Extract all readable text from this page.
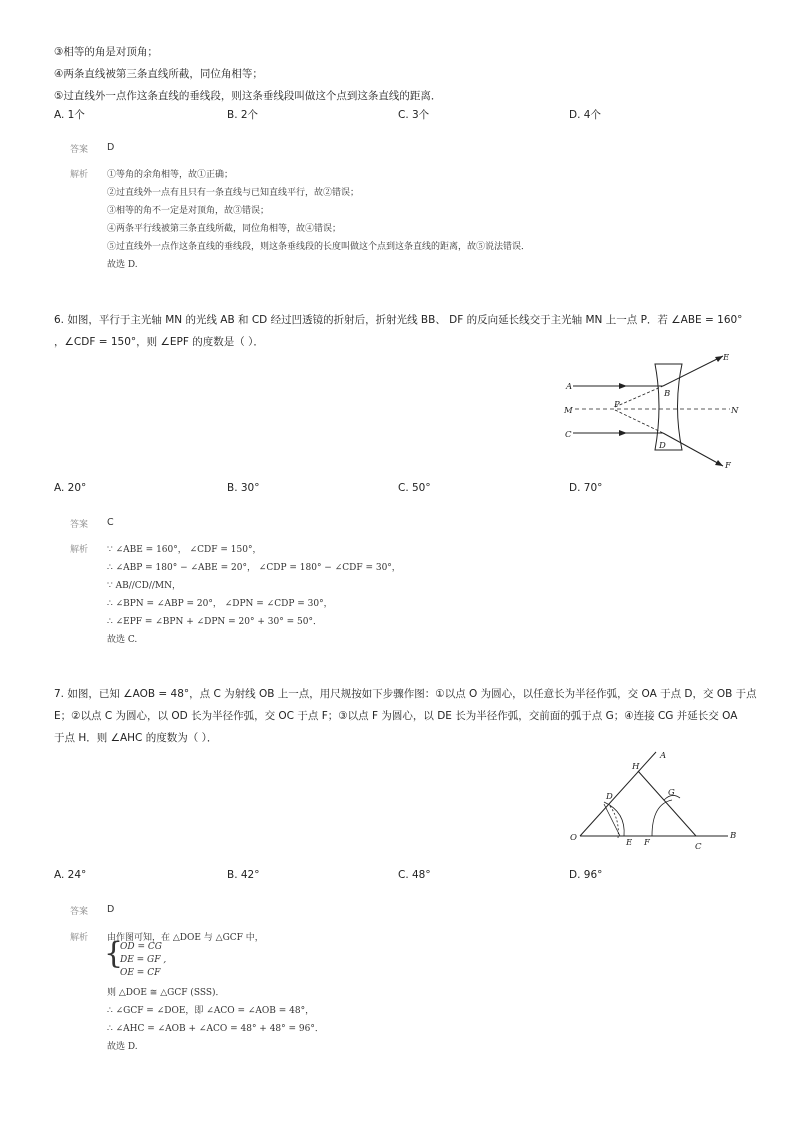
③相等的角是对顶角；
④两条直线被第三条直线所截，同位角相等；
⑤过直线外一点作这条直线的垂线段，则这条垂线段叫做这个点到这条直线的距离．
A. 1个	B. 2个	C. 3个	D. 4个
答案 D
解析 ①等角的余角相等，故①正确；
②过直线外一点有且只有一条直线与已知直线平行，故②错误；
③相等的角不一定是对顶角，故③错误；
④两条平行线被第三条直线所截，同位角相等，故④错误；
⑤过直线外一点作这条直线的垂线段，则这条垂线段的长度叫做这个点到这条直线的距离，故⑤说法错误．
故选 D.
6. 如图，平行于主光轴 MN 的光线 AB 和 CD 经过凹透镜的折射后，折射光线 BB、 DF 的反向延长线交于主光轴 MN 上一点 P．若 ∠ABE = 160°
，∠CDF = 150°，则 ∠EPF 的度数是（ ）．
A
B
C
D
E
F
M	N
P
A. 20°	B. 30°	C. 50°	D. 70°
答案 C
解析 ∵ ∠ABE = 160°， ∠CDF = 150°，
∴ ∠ABP = 180° − ∠ABE = 20°， ∠CDP = 180° − ∠CDF = 30°，
∵ AB//CD//MN，
∴ ∠BPN = ∠ABP = 20°， ∠DPN = ∠CDP = 30°，
∴ ∠EPF = ∠BPN + ∠DPN = 20° + 30° = 50°．
故选 C.
7. 如图，已知 ∠AOB = 48°，点 C 为射线 OB 上一点，用尺规按如下步骤作图：①以点 O 为圆心，以任意长为半径作弧，交 OA 于点 D，交 OB 于点
E；②以点 C 为圆心，以 OD 长为半径作弧，交 OC 于点 F；③以点 F 为圆心，以 DE 长为半径作弧，交前面的弧于点 G；④连接 CG 并延长交 OA
于点 H．则 ∠AHC 的度数为（ ）．
A
B
C
D
E F
G
H
O
A. 24°	B. 42°	C. 48°	D. 96°
答案 D
解析 由作图可知，在 △DOE 与 △GCF 中，
{
OD = CG
DE = GF ,
OE = CF
则 △DOE ≅ △GCF (SSS)．
∴ ∠GCF = ∠DOE，即 ∠ACO = ∠AOB = 48°，
∴ ∠AHC = ∠AOB + ∠ACO = 48° + 48° = 96°．
故选 D.
